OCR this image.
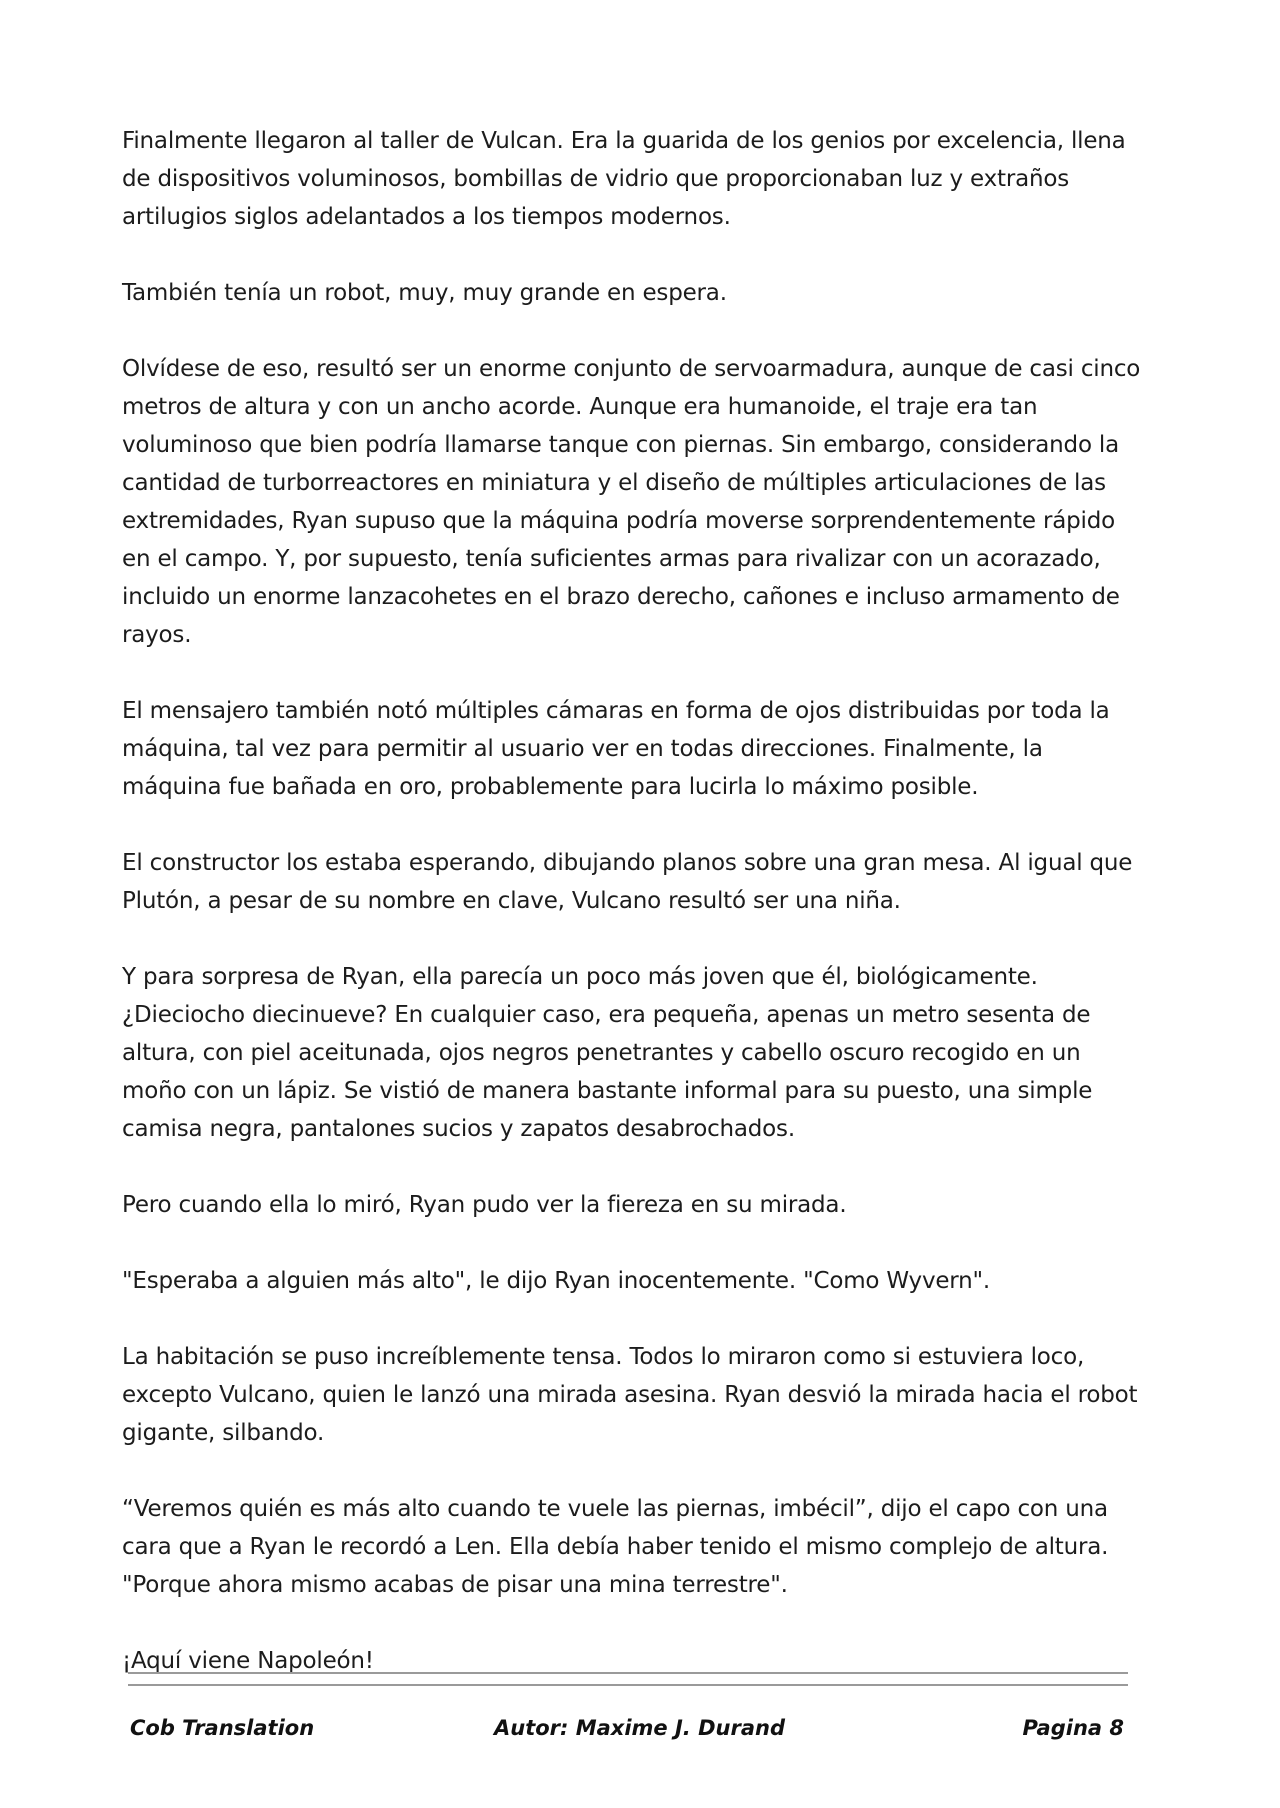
Finalmente llegaron al taller de Vulcan. Era la guarida de los genios por excelencia, llena de dispositivos voluminosos, bombillas de vidrio que proporcionaban luz y extraños artilugios siglos adelantados a los tiempos modernos.

También tenía un robot, muy, muy grande en espera.

Olvídese de eso, resultó ser un enorme conjunto de servoarmadura, aunque de casi cinco metros de altura y con un ancho acorde. Aunque era humanoide, el traje era tan voluminoso que bien podría llamarse tanque con piernas. Sin embargo, considerando la cantidad de turborreactores en miniatura y el diseño de múltiples articulaciones de las extremidades, Ryan supuso que la máquina podría moverse sorprendentemente rápido en el campo. Y, por supuesto, tenía suficientes armas para rivalizar con un acorazado, incluido un enorme lanzacohetes en el brazo derecho, cañones e incluso armamento de rayos.

El mensajero también notó múltiples cámaras en forma de ojos distribuidas por toda la máquina, tal vez para permitir al usuario ver en todas direcciones. Finalmente, la máquina fue bañada en oro, probablemente para lucirla lo máximo posible.

El constructor los estaba esperando, dibujando planos sobre una gran mesa. Al igual que Plutón, a pesar de su nombre en clave, Vulcano resultó ser una niña.

Y para sorpresa de Ryan, ella parecía un poco más joven que él, biológicamente. ¿Dieciocho diecinueve? En cualquier caso, era pequeña, apenas un metro sesenta de altura, con piel aceitunada, ojos negros penetrantes y cabello oscuro recogido en un moño con un lápiz. Se vistió de manera bastante informal para su puesto, una simple camisa negra, pantalones sucios y zapatos desabrochados.

Pero cuando ella lo miró, Ryan pudo ver la fiereza en su mirada.

"Esperaba a alguien más alto", le dijo Ryan inocentemente. "Como Wyvern".

La habitación se puso increíblemente tensa. Todos lo miraron como si estuviera loco, excepto Vulcano, quien le lanzó una mirada asesina. Ryan desvió la mirada hacia el robot gigante, silbando.

“Veremos quién es más alto cuando te vuele las piernas, imbécil”, dijo el capo con una cara que a Ryan le recordó a Len. Ella debía haber tenido el mismo complejo de altura. "Porque ahora mismo acabas de pisar una mina terrestre".

¡Aquí viene Napoleón!

Cob Translation	Autor: Maxime J. Durand	Pagina 8
